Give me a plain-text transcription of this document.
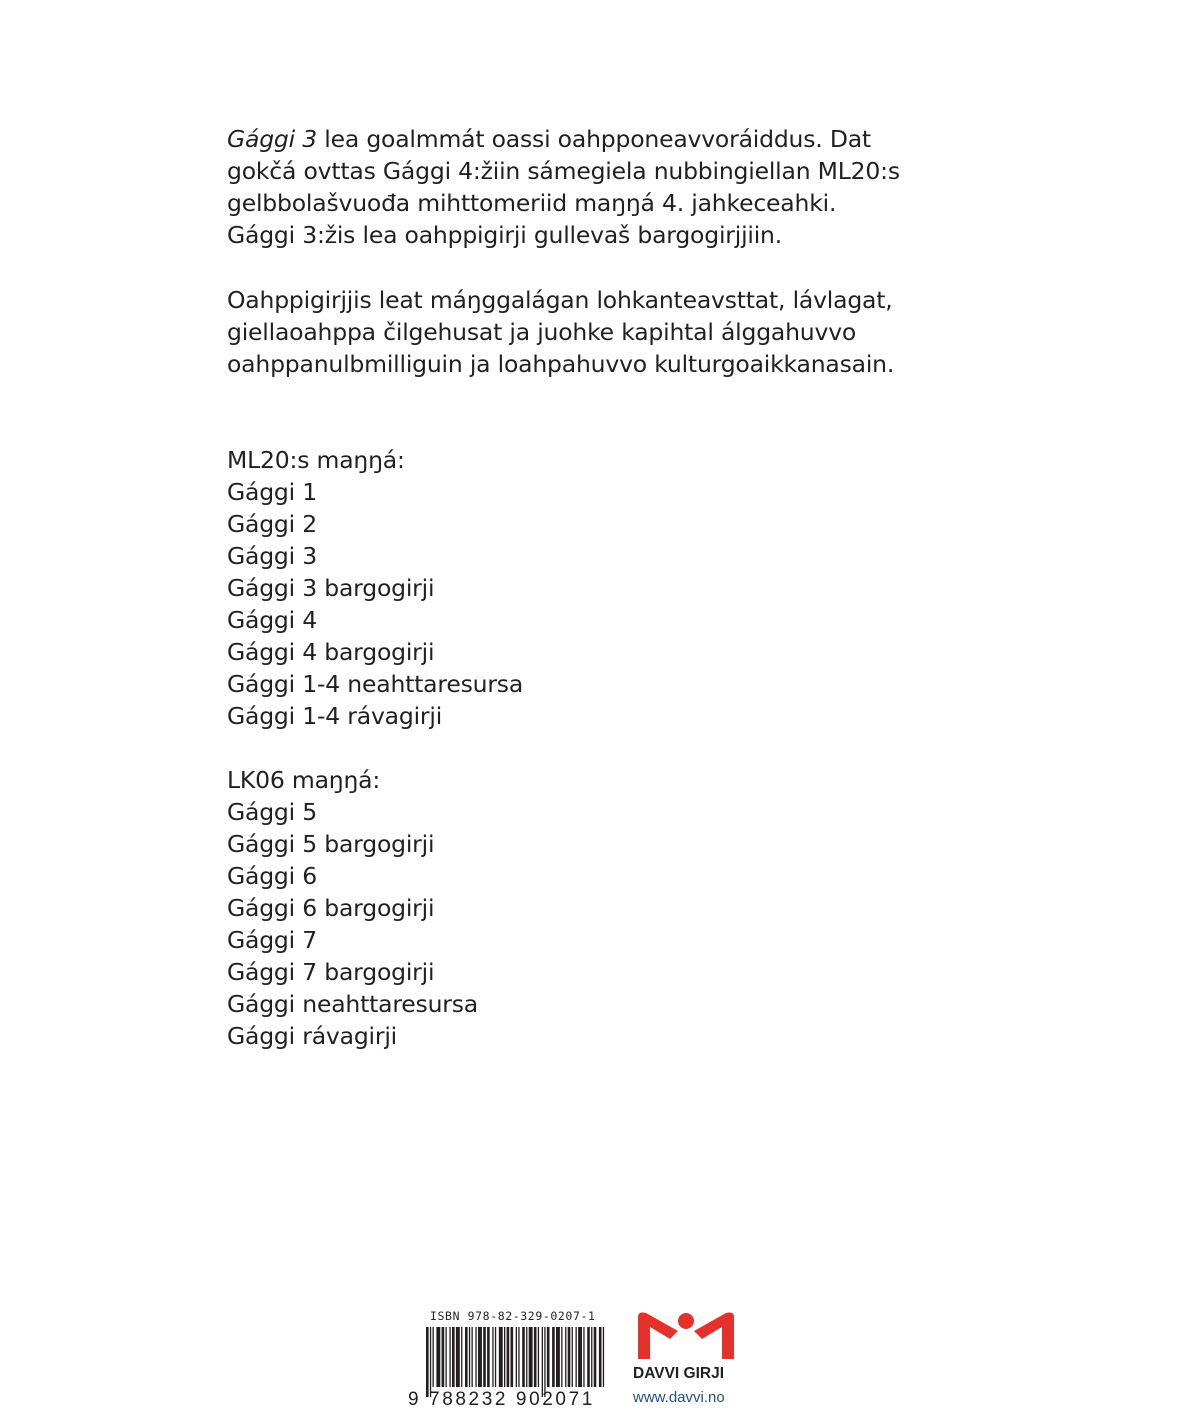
Gággi 3 lea goalmmát oassi oahpponeavvoráiddus. Dat
gokčá ovttas Gággi 4:žiin sámegiela nubbingiellan ML20:s
gelbbolašvuođa mihttomeriid maŋŋá 4. jahkeceahki.
Gággi 3:žis lea oahppigirji gullevaš bargogirjjiin.
Oahppigirjjis leat máŋggalágan lohkanteavsttat, lávlagat,
giellaoahppa čilgehusat ja juohke kapihtal álggahuvvo
oahppanulbmilliguin ja loahpahuvvo kulturgoaikkanasain.
ML20:s maŋŋá:
Gággi 1
Gággi 2
Gággi 3
Gággi 3 bargogirji
Gággi 4
Gággi 4 bargogirji
Gággi 1-4 neahttaresursa
Gággi 1-4 rávagirji
LK06 maŋŋá:
Gággi 5
Gággi 5 bargogirji
Gággi 6
Gággi 6 bargogirji
Gággi 7
Gággi 7 bargogirji
Gággi neahttaresursa
Gággi rávagirji
ISBN 978-82-329-0207-1
9 788232 902071
DAVVI GIRJI
www.davvi.no
